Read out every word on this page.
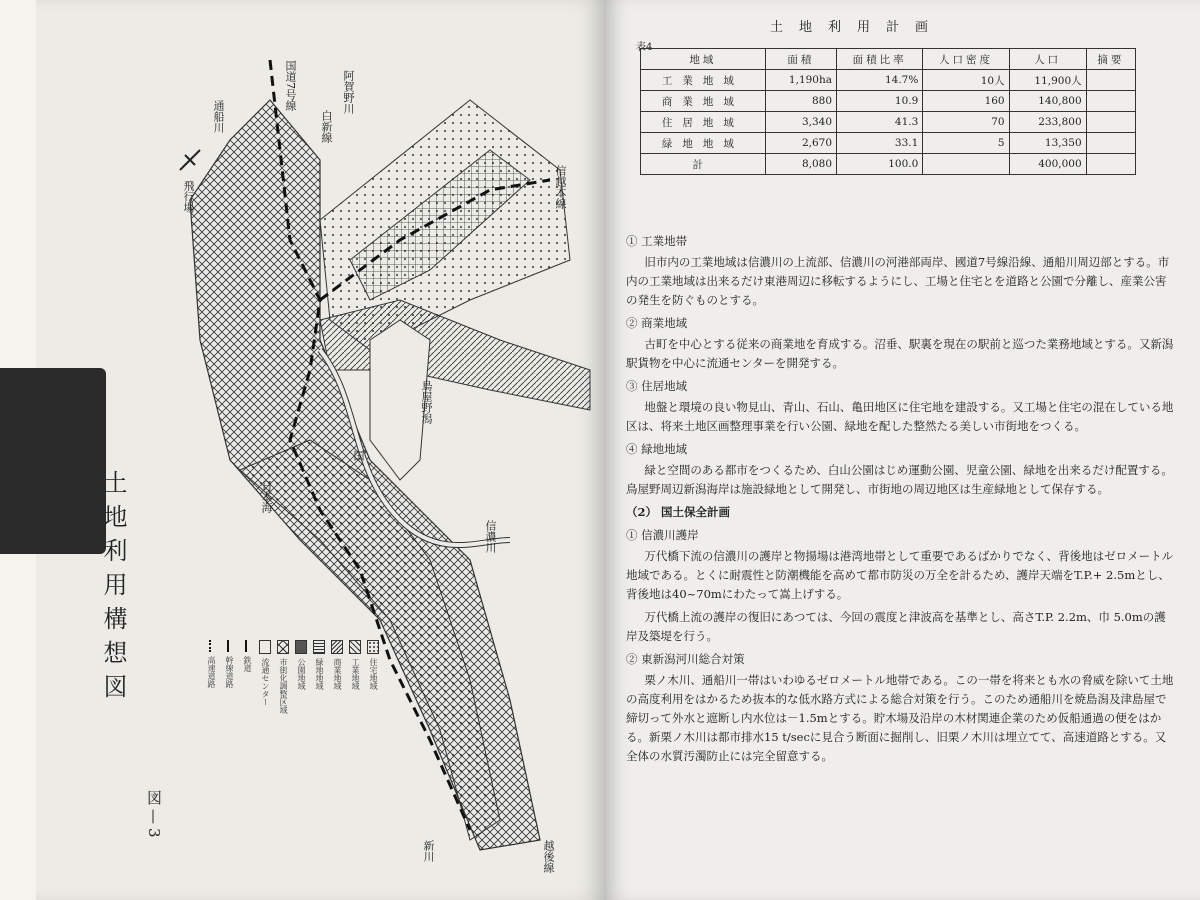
国道7号線	阿賀野川
通船川	白新線
信越本線
飛行場
鳥屋野潟
国
信濃川
日本海
新川	越後線
土地利用構想図
図—3
住宅地域
工業地域
商業地域
緑地地域
公園地域
市街化調整区域
流通センター
鉄道
幹線道路
高速道路
土地利用計画
表4
地域	面積	面積比率	人口密度	人口	摘要
工業地域	1,190ha	14.7%	10人	11,900人	
商業地域	880	10.9	160	140,800	
住居地域	3,340	41.3	70	233,800	
緑地地域	2,670	33.1	5	13,350	
計	8,080	100.0		400,000	

① 工業地帯

旧市内の工業地域は信濃川の上流部、信濃川の河港部両岸、國道7号線沿線、通船川周辺部とする。市内の工業地域は出来るだけ東港周辺に移転するようにし、工場と住宅とを道路と公園で分離し、産業公害の発生を防ぐものとする。

② 商業地域

古町を中心とする従来の商業地を育成する。沼垂、駅裏を現在の駅前と巡つた業務地域とする。又新潟駅貨物を中心に流通センターを開発する。

③ 住居地域

地盤と環境の良い物見山、青山、石山、亀田地区に住宅地を建設する。又工場と住宅の混在している地区は、将来土地区画整理事業を行い公園、緑地を配した整然たる美しい市街地をつくる。

④ 緑地地域

緑と空間のある都市をつくるため、白山公園はじめ運動公園、児童公園、緑地を出来るだけ配置する。鳥屋野周辺新潟海岸は施設緑地として開発し、市街地の周辺地区は生産緑地として保存する。

（2） 国土保全計画

① 信濃川護岸

万代橋下流の信濃川の護岸と物揚場は港湾地帯として重要であるばかりでなく、背後地はゼロメートル地域である。とくに耐震性と防潮機能を高めて都市防災の万全を計るため、護岸天端をT.P.+ 2.5mとし、背後地は40~70mにわたって嵩上げする。

万代橋上流の護岸の復旧にあつては、今回の震度と津波高を基準とし、高さT.P. 2.2m、巾 5.0mの護岸及築堤を行う。

② 東新潟河川総合対策

栗ノ木川、通船川一帯はいわゆるゼロメートル地帯である。この一帯を将来とも水の脅威を除いて土地の高度利用をはかるため抜本的な低水路方式による総合対策を行う。このため通船川を焼島潟及津島屋で締切って外水と遮断し内水位は－1.5mとする。貯木場及沿岸の木材関連企業のため仮船通過の便をはかる。新栗ノ木川は都市排水15 t/secに見合う断面に掘削し、旧栗ノ木川は埋立てて、高速道路とする。又全体の水質汚濁防止には完全留意する。
